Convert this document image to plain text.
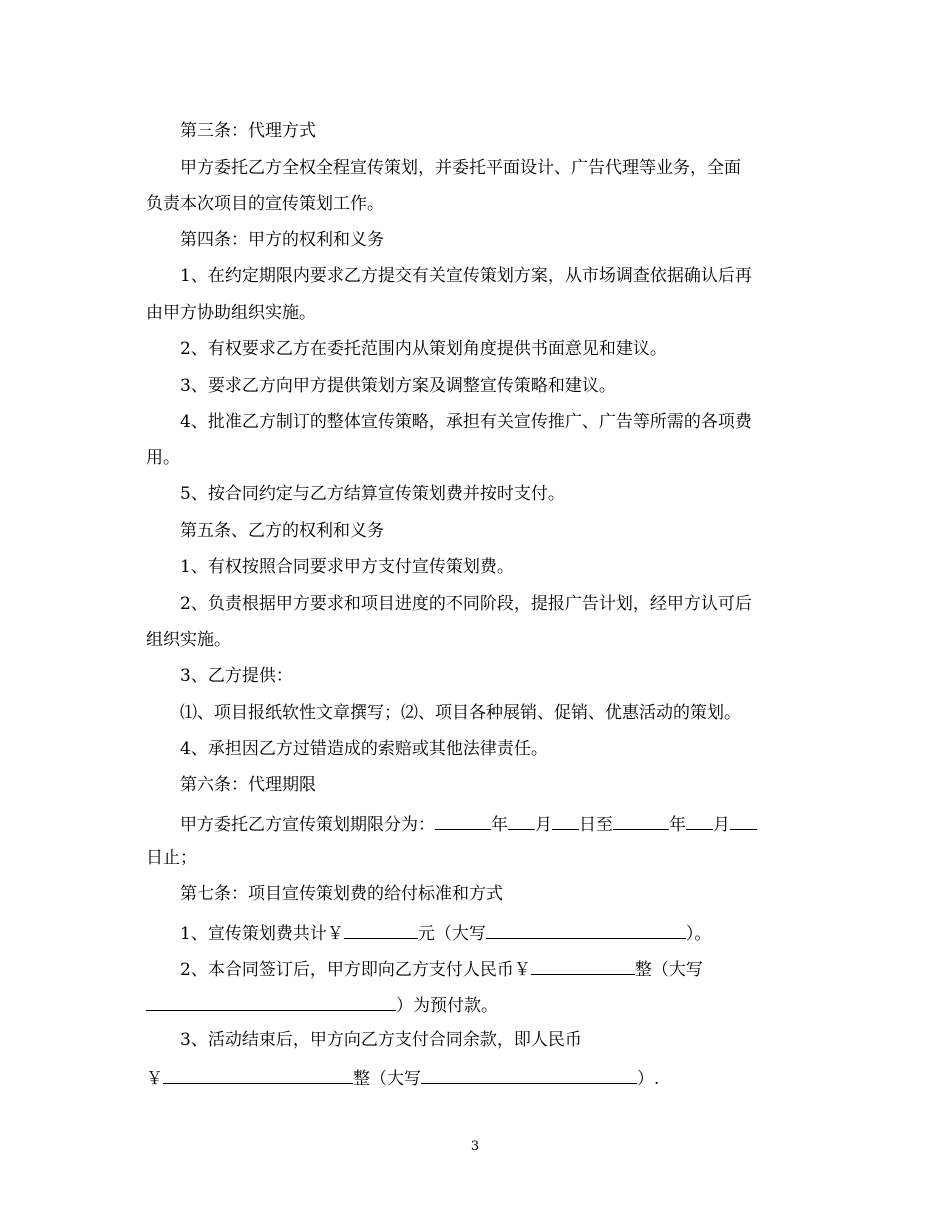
第三条：代理方式
甲方委托乙方全权全程宣传策划，并委托平面设计、广告代理等业务，全面
负责本次项目的宣传策划工作。
第四条：甲方的权利和义务
1、在约定期限内要求乙方提交有关宣传策划方案，从市场调查依据确认后再
由甲方协助组织实施。
2、有权要求乙方在委托范围内从策划角度提供书面意见和建议。
3、要求乙方向甲方提供策划方案及调整宣传策略和建议。
4、批准乙方制订的整体宣传策略，承担有关宣传推广、广告等所需的各项费
用。
5、按合同约定与乙方结算宣传策划费并按时支付。
第五条、乙方的权利和义务
1、有权按照合同要求甲方支付宣传策划费。
2、负责根据甲方要求和项目进度的不同阶段，提报广告计划，经甲方认可后
组织实施。
3、乙方提供：
⑴、项目报纸软性文章撰写；⑵、项目各种展销、促销、优惠活动的策划。
4、承担因乙方过错造成的索赔或其他法律责任。
第六条：代理期限
甲方委托乙方宣传策划期限分为：	年 月 日至	年 月
日止；
第七条：项目宣传策划费的给付标准和方式
1、宣传策划费共计￥	元（大写	）。
2、本合同签订后，甲方即向乙方支付人民币￥	整（大写
）为预付款。
3、活动结束后，甲方向乙方支付合同余款，即人民币
￥	整（大写	）.
3
